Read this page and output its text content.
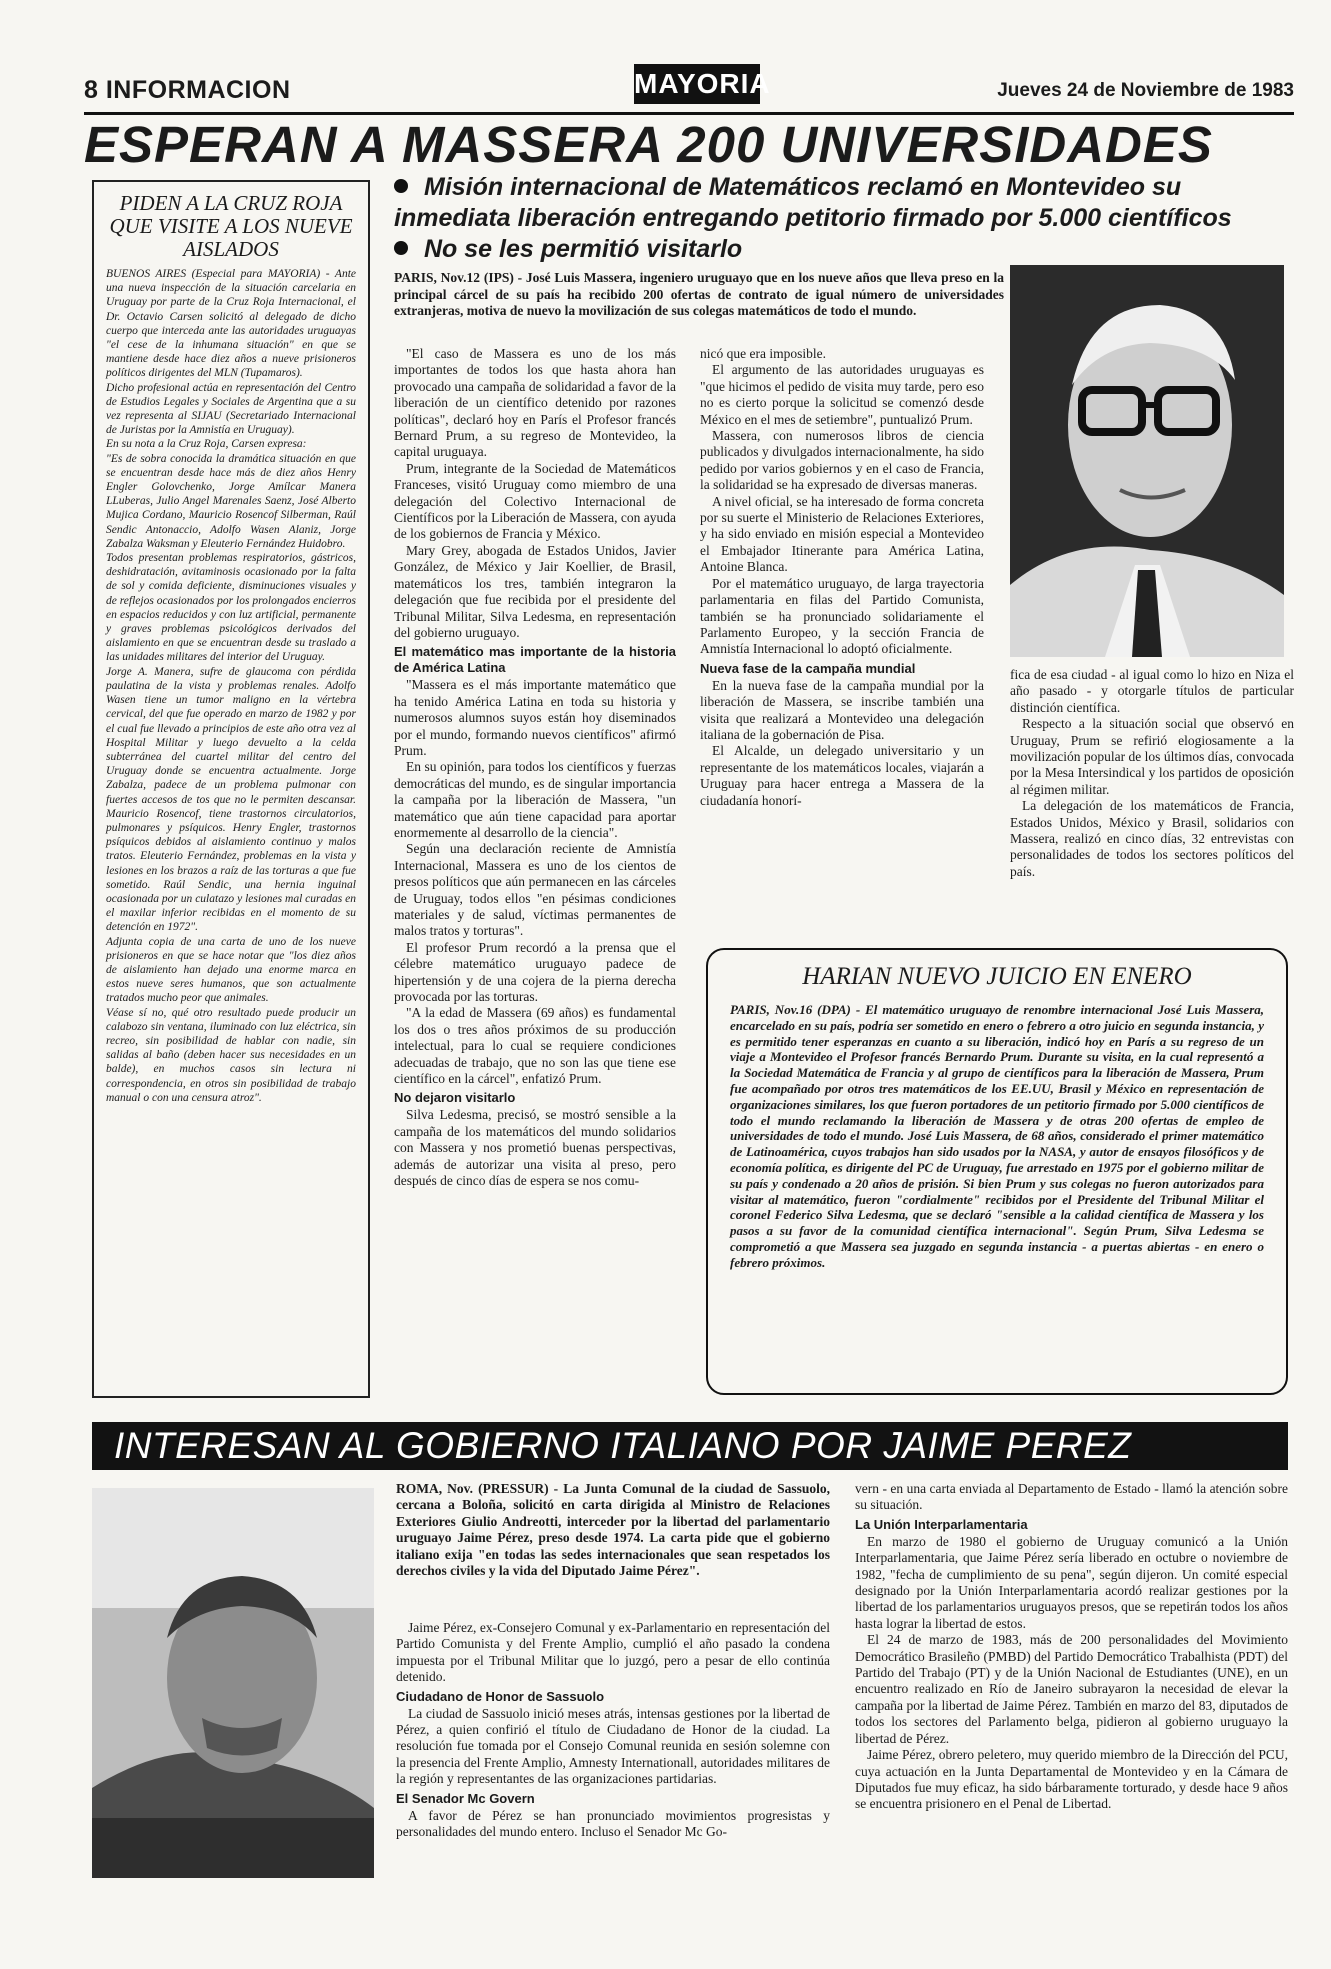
8 INFORMACION	MAYORIA	Jueves 24 de Noviembre de 1983
ESPERAN A MASSERA 200 UNIVERSIDADES
PIDEN A LA CRUZ ROJA QUE VISITE A LOS NUEVE AISLADOS

BUENOS AIRES (Especial para MAYORIA) - Ante una nueva inspección de la situación carcelaria en Uruguay por parte de la Cruz Roja Internacional, el Dr. Octavio Carsen solicitó al delegado de dicho cuerpo que interceda ante las autoridades uruguayas "el cese de la inhumana situación" en que se mantiene desde hace diez años a nueve prisioneros políticos dirigentes del MLN (Tupamaros).

Dicho profesional actúa en representación del Centro de Estudios Legales y Sociales de Argentina que a su vez representa al SIJAU (Secretariado Internacional de Juristas por la Amnistía en Uruguay).

En su nota a la Cruz Roja, Carsen expresa:

"Es de sobra conocida la dramática situación en que se encuentran desde hace más de diez años Henry Engler Golovchenko, Jorge Amílcar Manera LLuberas, Julio Angel Marenales Saenz, José Alberto Mujica Cordano, Mauricio Rosencof Silberman, Raúl Sendic Antonaccio, Adolfo Wasen Alaniz, Jorge Zabalza Waksman y Eleuterio Fernández Huidobro.

Todos presentan problemas respiratorios, gástricos, deshidratación, avitaminosis ocasionado por la falta de sol y comida deficiente, disminuciones visuales y de reflejos ocasionados por los prolongados encierros en espacios reducidos y con luz artificial, permanente y graves problemas psicológicos derivados del aislamiento en que se encuentran desde su traslado a las unidades militares del interior del Uruguay.

Jorge A. Manera, sufre de glaucoma con pérdida paulatina de la vista y problemas renales. Adolfo Wasen tiene un tumor maligno en la vértebra cervical, del que fue operado en marzo de 1982 y por el cual fue llevado a principios de este año otra vez al Hospital Militar y luego devuelto a la celda subterránea del cuartel militar del centro del Uruguay donde se encuentra actualmente. Jorge Zabalza, padece de un problema pulmonar con fuertes accesos de tos que no le permiten descansar. Mauricio Rosencof, tiene trastornos circulatorios, pulmonares y psíquicos. Henry Engler, trastornos psíquicos debidos al aislamiento continuo y malos tratos. Eleuterio Fernández, problemas en la vista y lesiones en los brazos a raíz de las torturas a que fue sometido. Raúl Sendic, una hernia inguinal ocasionada por un culatazo y lesiones mal curadas en el maxilar inferior recibidas en el momento de su detención en 1972".

Adjunta copia de una carta de uno de los nueve prisioneros en que se hace notar que "los diez años de aislamiento han dejado una enorme marca en estos nueve seres humanos, que son actualmente tratados mucho peor que animales.

Véase sí no, qué otro resultado puede producir un calabozo sin ventana, iluminado con luz eléctrica, sin recreo, sin posibilidad de hablar con nadie, sin salidas al baño (deben hacer sus necesidades en un balde), en muchos casos sin lectura ni correspondencia, en otros sin posibilidad de trabajo manual o con una censura atroz".

Misión internacional de Matemáticos reclamó en Montevideo su
inmediata liberación entregando petitorio firmado por 5.000 científicos
No se les permitió visitarlo
PARIS, Nov.12 (IPS) - José Luis Massera, ingeniero uruguayo que en los nueve años que lleva preso en la principal cárcel de su país ha recibido 200 ofertas de contrato de igual número de universidades extranjeras, motiva de nuevo la movilización de sus colegas matemáticos de todo el mundo.

"El caso de Massera es uno de los más importantes de todos los que hasta ahora han provocado una campaña de solidaridad a favor de la liberación de un científico detenido por razones políticas", declaró hoy en París el Profesor francés Bernard Prum, a su regreso de Montevideo, la capital uruguaya.

Prum, integrante de la Sociedad de Matemáticos Franceses, visitó Uruguay como miembro de una delegación del Colectivo Internacional de Científicos por la Liberación de Massera, con ayuda de los gobiernos de Francia y México.

Mary Grey, abogada de Estados Unidos, Javier González, de México y Jair Koellier, de Brasil, matemáticos los tres, también integraron la delegación que fue recibida por el presidente del Tribunal Militar, Silva Ledesma, en representación del gobierno uruguayo.

El matemático mas importante de la historia de América Latina

"Massera es el más importante matemático que ha tenido América Latina en toda su historia y numerosos alumnos suyos están hoy diseminados por el mundo, formando nuevos científicos" afirmó Prum.

En su opinión, para todos los científicos y fuerzas democráticas del mundo, es de singular importancia la campaña por la liberación de Massera, "un matemático que aún tiene capacidad para aportar enormemente al desarrollo de la ciencia".

Según una declaración reciente de Amnistía Internacional, Massera es uno de los cientos de presos políticos que aún permanecen en las cárceles de Uruguay, todos ellos "en pésimas condiciones materiales y de salud, víctimas permanentes de malos tratos y torturas".

El profesor Prum recordó a la prensa que el célebre matemático uruguayo padece de hipertensión y de una cojera de la pierna derecha provocada por las torturas.

"A la edad de Massera (69 años) es fundamental los dos o tres años próximos de su producción intelectual, para lo cual se requiere condiciones adecuadas de trabajo, que no son las que tiene ese científico en la cárcel", enfatizó Prum.

No dejaron visitarlo

Silva Ledesma, precisó, se mostró sensible a la campaña de los matemáticos del mundo solidarios con Massera y nos prometió buenas perspectivas, además de autorizar una visita al preso, pero después de cinco días de espera se nos comu-

nicó que era imposible.

El argumento de las autoridades uruguayas es "que hicimos el pedido de visita muy tarde, pero eso no es cierto porque la solicitud se comenzó desde México en el mes de setiembre", puntualizó Prum.

Massera, con numerosos libros de ciencia publicados y divulgados internacionalmente, ha sido pedido por varios gobiernos y en el caso de Francia, la solidaridad se ha expresado de diversas maneras.

A nivel oficial, se ha interesado de forma concreta por su suerte el Ministerio de Relaciones Exteriores, y ha sido enviado en misión especial a Montevideo el Embajador Itinerante para América Latina, Antoine Blanca.

Por el matemático uruguayo, de larga trayectoria parlamentaria en filas del Partido Comunista, también se ha pronunciado solidariamente el Parlamento Europeo, y la sección Francia de Amnistía Internacional lo adoptó oficialmente.

Nueva fase de la campaña mundial

En la nueva fase de la campaña mundial por la liberación de Massera, se inscribe también una visita que realizará a Montevideo una delegación italiana de la gobernación de Pisa.

El Alcalde, un delegado universitario y un representante de los matemáticos locales, viajarán a Uruguay para hacer entrega a Massera de la ciudadanía honorí-

fica de esa ciudad - al igual como lo hizo en Niza el año pasado - y otorgarle títulos de particular distinción científica.

Respecto a la situación social que observó en Uruguay, Prum se refirió elogiosamente a la movilización popular de los últimos días, convocada por la Mesa Intersindical y los partidos de oposición al régimen militar.

La delegación de los matemáticos de Francia, Estados Unidos, México y Brasil, solidarios con Massera, realizó en cinco días, 32 entrevistas con personalidades de todos los sectores políticos del país.

HARIAN NUEVO JUICIO EN ENERO
PARIS, Nov.16 (DPA) - El matemático uruguayo de renombre internacional José Luis Massera, encarcelado en su país, podría ser sometido en enero o febrero a otro juicio en segunda instancia, y es permitido tener esperanzas en cuanto a su liberación, indicó hoy en París a su regreso de un viaje a Montevideo el Profesor francés Bernardo Prum. Durante su visita, en la cual representó a la Sociedad Matemática de Francia y al grupo de científicos para la liberación de Massera, Prum fue acompañado por otros tres matemáticos de los EE.UU, Brasil y México en representación de organizaciones similares, los que fueron portadores de un petitorio firmado por 5.000 científicos de todo el mundo reclamando la liberación de Massera y de otras 200 ofertas de empleo de universidades de todo el mundo. José Luis Massera, de 68 años, considerado el primer matemático de Latinoamérica, cuyos trabajos han sido usados por la NASA, y autor de ensayos filosóficos y de economía política, es dirigente del PC de Uruguay, fue arrestado en 1975 por el gobierno militar de su país y condenado a 20 años de prisión. Si bien Prum y sus colegas no fueron autorizados para visitar al matemático, fueron "cordialmente" recibidos por el Presidente del Tribunal Militar el coronel Federico Silva Ledesma, que se declaró "sensible a la calidad científica de Massera y los pasos a su favor de la comunidad científica internacional". Según Prum, Silva Ledesma se comprometió a que Massera sea juzgado en segunda instancia - a puertas abiertas - en enero o febrero próximos.
INTERESAN AL GOBIERNO ITALIANO POR JAIME PEREZ
ROMA, Nov. (PRESSUR) - La Junta Comunal de la ciudad de Sassuolo, cercana a Boloña, solicitó en carta dirigida al Ministro de Relaciones Exteriores Giulio Andreotti, interceder por la libertad del parlamentario uruguayo Jaime Pérez, preso desde 1974. La carta pide que el gobierno italiano exija "en todas las sedes internacionales que sean respetados los derechos civiles y la vida del Diputado Jaime Pérez".

Jaime Pérez, ex-Consejero Comunal y ex-Parlamentario en representación del Partido Comunista y del Frente Amplio, cumplió el año pasado la condena impuesta por el Tribunal Militar que lo juzgó, pero a pesar de ello continúa detenido.

Ciudadano de Honor de Sassuolo

La ciudad de Sassuolo inició meses atrás, intensas gestiones por la libertad de Pérez, a quien confirió el título de Ciudadano de Honor de la ciudad. La resolución fue tomada por el Consejo Comunal reunida en sesión solemne con la presencia del Frente Amplio, Amnesty Internationall, autoridades militares de la región y representantes de las organizaciones partidarias.

El Senador Mc Govern

A favor de Pérez se han pronunciado movimientos progresistas y personalidades del mundo entero. Incluso el Senador Mc Go-

vern - en una carta enviada al Departamento de Estado - llamó la atención sobre su situación.

La Unión Interparlamentaria

En marzo de 1980 el gobierno de Uruguay comunicó a la Unión Interparlamentaria, que Jaime Pérez sería liberado en octubre o noviembre de 1982, "fecha de cumplimiento de su pena", según dijeron. Un comité especial designado por la Unión Interparlamentaria acordó realizar gestiones por la libertad de los parlamentarios uruguayos presos, que se repetirán todos los años hasta lograr la libertad de estos.

El 24 de marzo de 1983, más de 200 personalidades del Movimiento Democrático Brasileño (PMBD) del Partido Democrático Trabalhista (PDT) del Partido del Trabajo (PT) y de la Unión Nacional de Estudiantes (UNE), en un encuentro realizado en Río de Janeiro subrayaron la necesidad de elevar la campaña por la libertad de Jaime Pérez. También en marzo del 83, diputados de todos los sectores del Parlamento belga, pidieron al gobierno uruguayo la libertad de Pérez.

Jaime Pérez, obrero peletero, muy querido miembro de la Dirección del PCU, cuya actuación en la Junta Departamental de Montevideo y en la Cámara de Diputados fue muy eficaz, ha sido bárbaramente torturado, y desde hace 9 años se encuentra prisionero en el Penal de Libertad.
